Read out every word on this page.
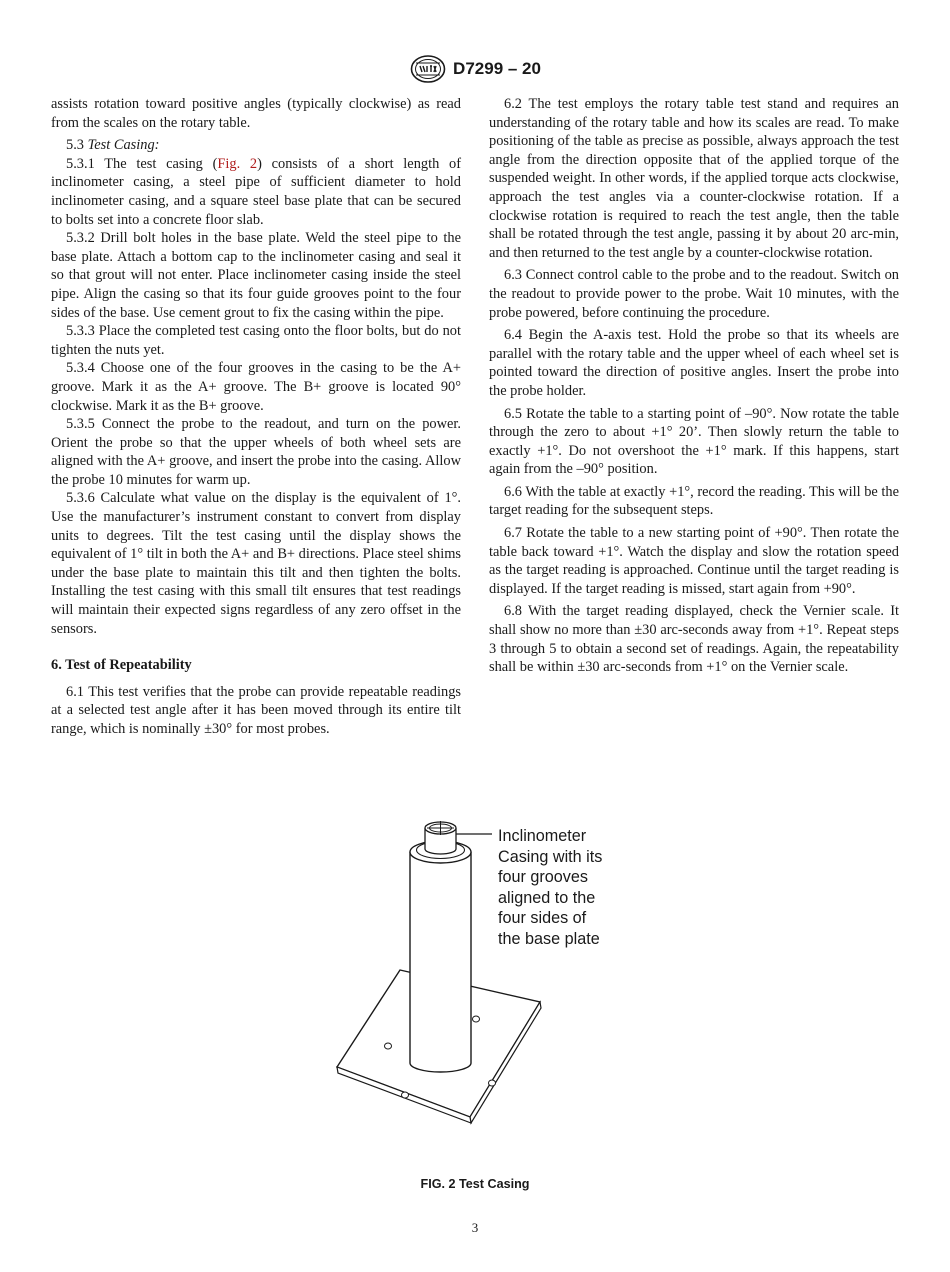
D7299 – 20

assists rotation toward positive angles (typically clockwise) as read from the scales on the rotary table.

5.3 Test Casing:

5.3.1 The test casing (Fig. 2) consists of a short length of inclinometer casing, a steel pipe of sufficient diameter to hold inclinometer casing, and a square steel base plate that can be secured to bolts set into a concrete floor slab.

5.3.2 Drill bolt holes in the base plate. Weld the steel pipe to the base plate. Attach a bottom cap to the inclinometer casing and seal it so that grout will not enter. Place inclinometer casing inside the steel pipe. Align the casing so that its four guide grooves point to the four sides of the base. Use cement grout to fix the casing within the pipe.

5.3.3 Place the completed test casing onto the floor bolts, but do not tighten the nuts yet.

5.3.4 Choose one of the four grooves in the casing to be the A+ groove. Mark it as the A+ groove. The B+ groove is located 90° clockwise. Mark it as the B+ groove.

5.3.5 Connect the probe to the readout, and turn on the power. Orient the probe so that the upper wheels of both wheel sets are aligned with the A+ groove, and insert the probe into the casing. Allow the probe 10 minutes for warm up.

5.3.6 Calculate what value on the display is the equivalent of 1°. Use the manufacturer’s instrument constant to convert from display units to degrees. Tilt the test casing until the display shows the equivalent of 1° tilt in both the A+ and B+ directions. Place steel shims under the base plate to maintain this tilt and then tighten the bolts. Installing the test casing with this small tilt ensures that test readings will maintain their expected signs regardless of any zero offset in the sensors.

6. Test of Repeatability

6.1 This test verifies that the probe can provide repeatable readings at a selected test angle after it has been moved through its entire tilt range, which is nominally ±30° for most probes.

6.2 The test employs the rotary table test stand and requires an understanding of the rotary table and how its scales are read. To make positioning of the table as precise as possible, always approach the test angle from the direction opposite that of the applied torque of the suspended weight. In other words, if the applied torque acts clockwise, approach the test angles via a counter-clockwise rotation. If a clockwise rotation is required to reach the test angle, then the table shall be rotated through the test angle, passing it by about 20 arc-min, and then returned to the test angle by a counter-clockwise rotation.

6.3 Connect control cable to the probe and to the readout. Switch on the readout to provide power to the probe. Wait 10 minutes, with the probe powered, before continuing the procedure.

6.4 Begin the A-axis test. Hold the probe so that its wheels are parallel with the rotary table and the upper wheel of each wheel set is pointed toward the direction of positive angles. Insert the probe into the probe holder.

6.5 Rotate the table to a starting point of –90°. Now rotate the table through the zero to about +1° 20’. Then slowly return the table to exactly +1°. Do not overshoot the +1° mark. If this happens, start again from the –90° position.

6.6 With the table at exactly +1°, record the reading. This will be the target reading for the subsequent steps.

6.7 Rotate the table to a new starting point of +90°. Then rotate the table back toward +1°. Watch the display and slow the rotation speed as the target reading is approached. Continue until the target reading is displayed. If the target reading is missed, start again from +90°.

6.8 With the target reading displayed, check the Vernier scale. It shall show no more than ±30 arc-seconds away from +1°. Repeat steps 3 through 5 to obtain a second set of readings. Again, the repeatability shall be within ±30 arc-seconds from +1° on the Vernier scale.

Inclinometer
Casing with its
four grooves
aligned to the
four sides of
the base plate
FIG. 2 Test Casing
3
